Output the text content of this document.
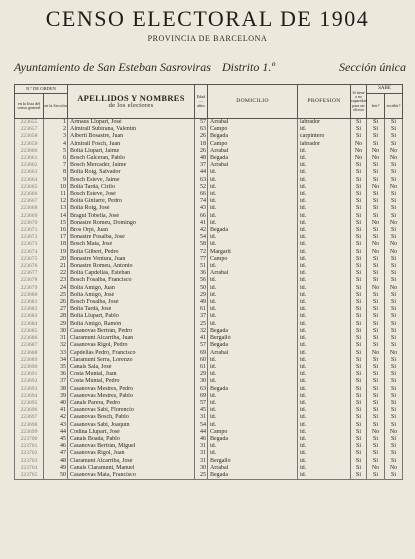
CENSO ELECTORAL DE 1904
PROVINCIA DE BARCELONA
Ayuntamiento de San Esteban Sasroviras Distrito 1.º	Sección única
N.º DE ORDEN		APELLIDOS Y NOMBRES
de los electores	Edad — años	DOMICILIO	PROFESION	Si tiene o no capacidad para ser elector	SABE	
en la lista del censo general	en la Sección						leer?	escribir?
223655	1	Armaus Llupart, José	57	Arrabal	labrador	Si	Si	Si
223657	2	Almirall Subirana, Valentín	63	Campo	id.	Si	Si	Si
223658	3	Alberti Bosastre, Juan	26	Begada	carpintero	Si	Si	Si
223659	4	Almirall Fosch, Juan	18	Campo	labrador	No	Si	Si
223660	5	Boltà Llupart, Jaime	26	Arrabal	id.	No	No	No
223661	6	Bosch Galceran, Pablo	48	Begada	id.	No	No	No
223662	7	Bosch Mercader, Jaime	37	Arrabal	id.	Si	Si	Si
223663	8	Boltà Roig, Salvador	44	id.	id.	Si	Si	Si
223664	9	Bosch Esteve, Jaime	63	id.	id.	Si	Si	Si
223665	10	Boltà Tardà, Cirilo	52	id.	id.	Si	No	No
223666	11	Bosch Esteve, José	66	id.	id.	Si	Si	Si
223667	12	Boltà Ginfarré, Pedro	74	id.	id.	Si	Si	Si
223668	13	Boltà Roig, José	43	id.	id.	Si	Si	Si
223669	14	Bragut Tobella, José	66	id.	id.	Si	Si	Si
223670	15	Bonastre Romeu, Domingo	41	id.	id.	Si	No	No
223671	16	Bros Orpí, Juan	42	Begada	id.	Si	Si	Si
223672	17	Bonastre Fosalba, José	54	id.	id.	Si	Si	Si
223673	18	Bosch Mata, José	58	id.	id.	Si	No	No
223674	19	Boltà Gilbert, Pedro	72	Margarit	id.	Si	No	No
223675	20	Bonastre Ventura, Juan	77	Campo	id.	Si	Si	Si
223676	21	Bonastre Romeu, Antonio	51	id.	id.	Si	Si	Si
223677	22	Boltà Capdellàs, Esteban	36	Arrabal	id.	Si	Si	Si
223678	23	Bosch Fosalba, Francisco	56	id.	id.	Si	Si	Si
223679	24	Boltà Amigó, Juan	50	id.	id.	Si	No	No
223680	25	Boltà Amigó, José	29	id.	id.	Si	Si	Si
223681	26	Bosch Fosalba, José	49	id.	id.	Si	Si	Si
223682	27	Boltà Tardà, José	61	id.	id.	Si	Si	Si
223683	28	Boltà Llupart, Pablo	37	id.	id.	Si	Si	Si
223684	29	Boltà Amigó, Ramón	25	id.	id.	Si	Si	Si
223685	30	Casanovas Bertrán, Pedro	32	Begada	id.	Si	Si	Si
223686	31	Claramunt Alcarriba, Juan	41	Bergalló	id.	Si	Si	Si
223687	32	Casanovas Rigol, Pedro	57	Begada	id.	Si	Si	Si
223688	33	Capdellàs Pedró, Francisco	69	Arrabal	id.	Si	No	No
223689	34	Claramunt Serra, Lorenzo	60	id.	id.	Si	Si	Si
223690	35	Canals Sala, José	61	id.	id.	Si	Si	Si
223691	36	Costa Muntal, Juan	29	id.	id.	Si	Si	Si
223692	37	Costa Muntal, Pedro	30	id.	id.	Si	Si	Si
223693	38	Casanovas Mestres, Pedro	63	Begada	id.	Si	Si	Si
223694	39	Casanovas Mestres, Pablo	69	id.	id.	Si	Si	Si
223695	40	Canals Parera, Pedro	57	id.	id.	Si	Si	Si
223696	41	Casanovas Sabi, Florencio	45	id.	id.	Si	Si	Si
223697	42	Casanovas Bosch, Pablo	31	id.	id.	Si	Si	Si
223698	43	Casanovas Sabi, Joaquín	54	id.	id.	Si	Si	Si
223699	44	Codina Llupart, José	44	Campo	id.	Si	No	No
223700	45	Canals Boada, Pablo	46	Begada	id.	Si	Si	Si
223701	46	Casanovas Bertrán, Miguel	31	id.	id.	Si	Si	Si
223702	47	Casanovas Rigol, Juan	31	id.	id.	Si	Si	Si
223703	48	Claramunt Alcarriba, José	31	Bergalló	id.	Si	Si	Si
223704	49	Canals Claramunt, Manuel	30	Arrabal	id.	Si	No	No
223705	50	Casanovas Mata, Francisco	25	Begada	id.	Si	Si	Si
